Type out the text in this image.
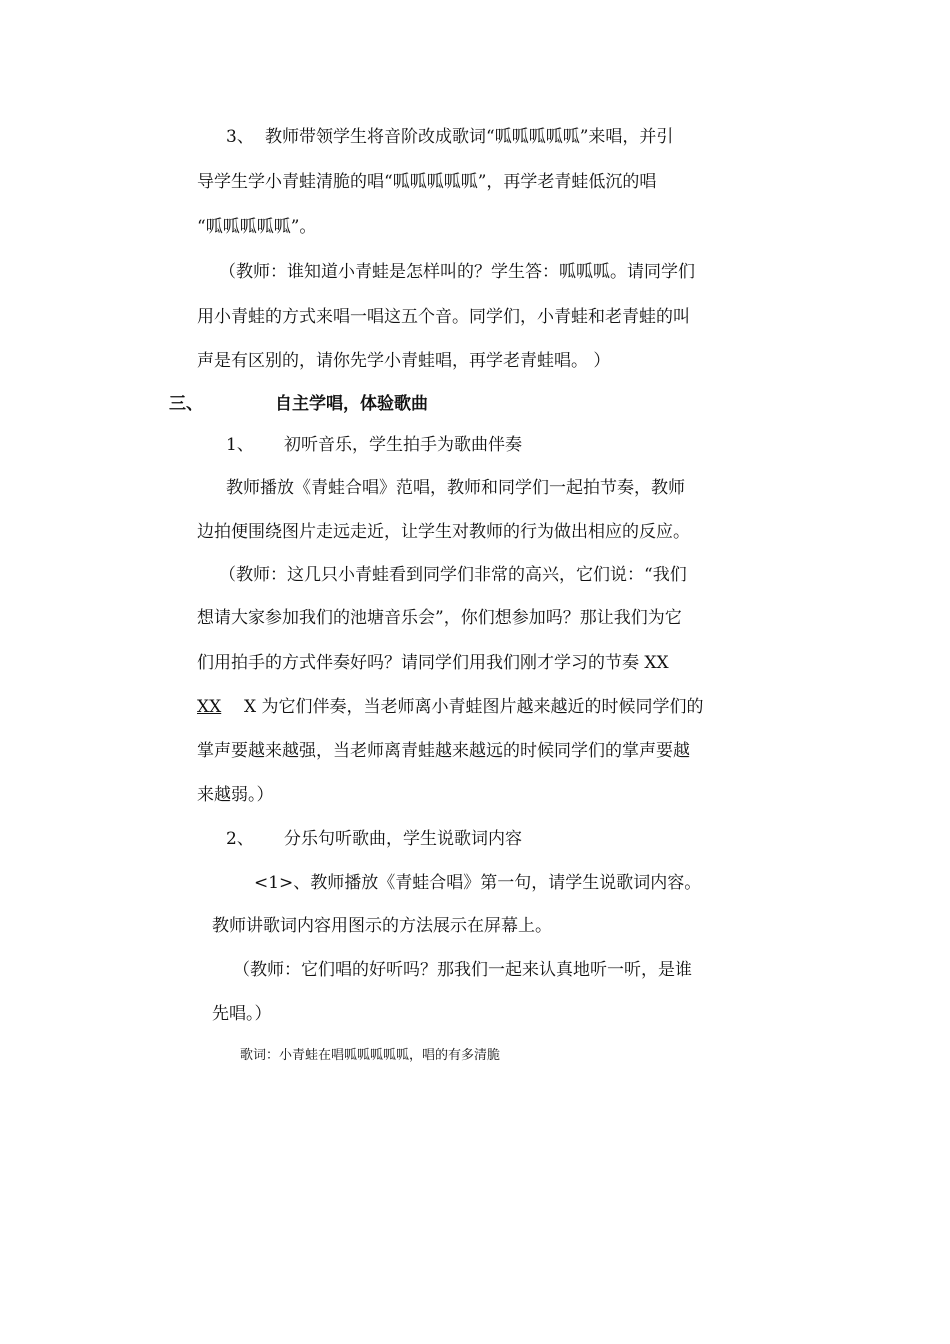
3、 教师带领学生将音阶改成歌词“呱呱呱呱呱”来唱，并引
导学生学小青蛙清脆的唱“呱呱呱呱呱”，再学老青蛙低沉的唱
“呱呱呱呱呱”。
（教师：谁知道小青蛙是怎样叫的？学生答：呱呱呱。请同学们
用小青蛙的方式来唱一唱这五个音。同学们，小青蛙和老青蛙的叫
声是有区别的，请你先学小青蛙唱，再学老青蛙唱。 ）
三、	自主学唱，体验歌曲
1、 初听音乐，学生拍手为歌曲伴奏
教师播放《青蛙合唱》范唱，教师和同学们一起拍节奏，教师
边拍便围绕图片走远走近，让学生对教师的行为做出相应的反应。
（教师：这几只小青蛙看到同学们非常的高兴，它们说：“我们
想请大家参加我们的池塘音乐会”，你们想参加吗？那让我们为它
们用拍手的方式伴奏好吗？请同学们用我们刚才学习的节奏 XX
XX X 为它们伴奏，当老师离小青蛙图片越来越近的时候同学们的
掌声要越来越强，当老师离青蛙越来越远的时候同学们的掌声要越
来越弱。）
2、 分乐句听歌曲，学生说歌词内容
<1>、教师播放《青蛙合唱》第一句，请学生说歌词内容。
教师讲歌词内容用图示的方法展示在屏幕上。
（教师：它们唱的好听吗？那我们一起来认真地听一听，是谁
先唱。）
歌词：小青蛙在唱呱呱呱呱呱，唱的有多清脆
